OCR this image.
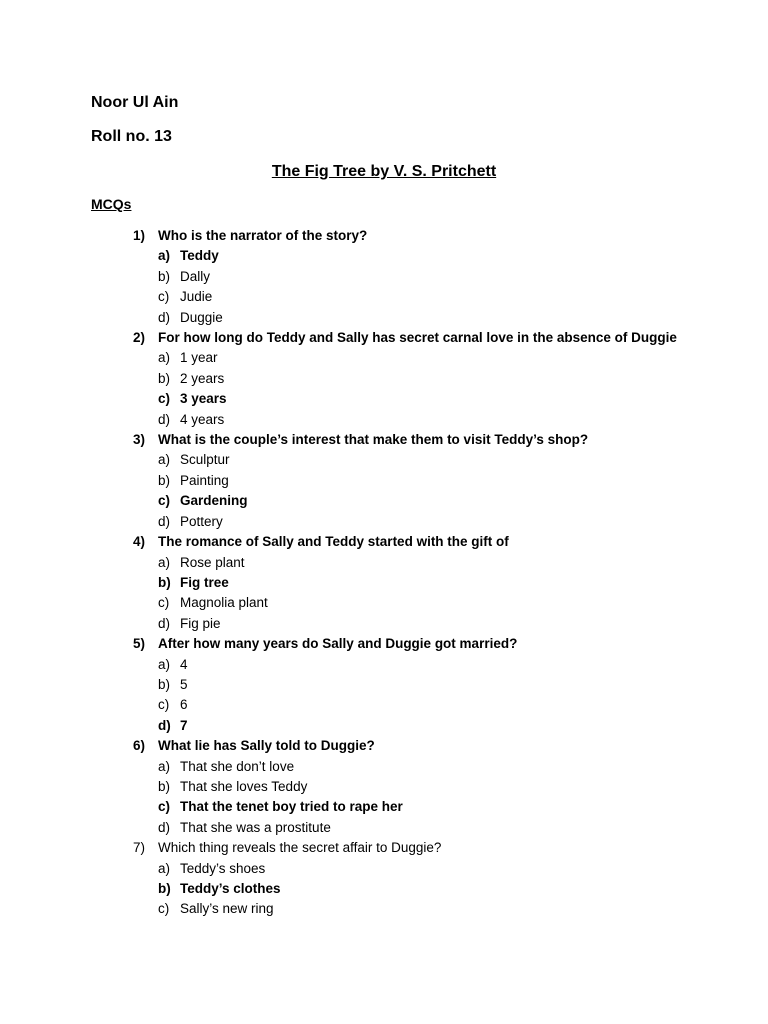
Noor Ul Ain

Roll no. 13

The Fig Tree by V. S. Pritchett

MCQs

1) Who is the narrator of the story?
a) Teddy
b) Dally
c) Judie
d) Duggie
2) For how long do Teddy and Sally has secret carnal love in the absence of Duggie
a) 1 year
b) 2 years
c) 3 years
d) 4 years
3) What is the couple’s interest that make them to visit Teddy’s shop?
a) Sculptur
b) Painting
c) Gardening
d) Pottery
4) The romance of Sally and Teddy started with the gift of
a) Rose plant
b) Fig tree
c) Magnolia plant
d) Fig pie
5) After how many years do Sally and Duggie got married?
a) 4
b) 5
c) 6
d) 7
6) What lie has Sally told to Duggie?
a) That she don’t love
b) That she loves Teddy
c) That the tenet boy tried to rape her
d) That she was a prostitute
7) Which thing reveals the secret affair to Duggie?
a) Teddy’s shoes
b) Teddy’s clothes
c) Sally’s new ring
